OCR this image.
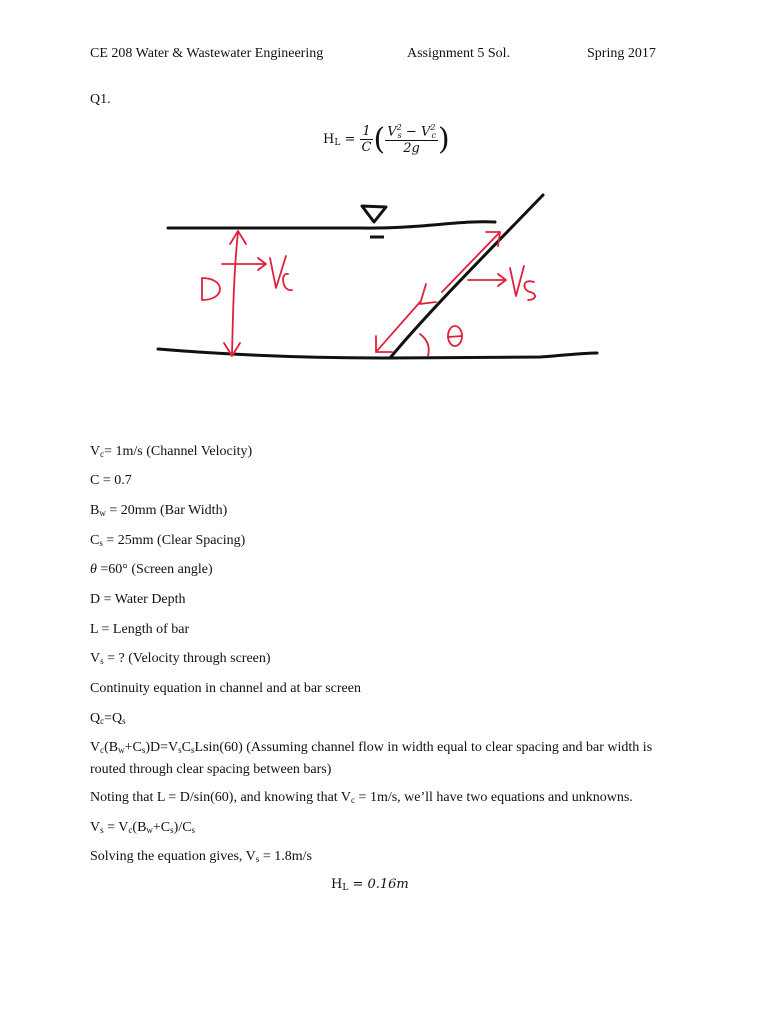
CE 208 Water & Wastewater Engineering	Assignment 5 Sol.	Spring 2017
Q1.
$H_L = \frac{1}{C}$ ( $\frac{V^2_s - V^2_c}{2g}$ )
$V_c= 1m/s$ (Channel Velocity)
C = 0.7
$B_w = 20mm$ (Bar Width)
$C_s = 25mm$ (Clear Spacing)
θ =60° (Screen angle)
D = Water Depth
L = Length of bar
$V_s$ = ? (Velocity through screen)
Continuity equation in channel and at bar screen
$Q_c=Q_s$
$V_c(B_w+C_s)D=V_sC_sLsin(60)$ (Assuming channel flow in width equal to clear spacing and bar width is routed through clear spacing between bars)
Noting that L = D/sin(60), and knowing that $V_c = 1m/s$, we’ll have two equations and unknowns.
$V_s = V_c(B_w+C_s)/C_s$
Solving the equation gives, $V_s = 1.8m/s$
$H_L = 0.16m$
